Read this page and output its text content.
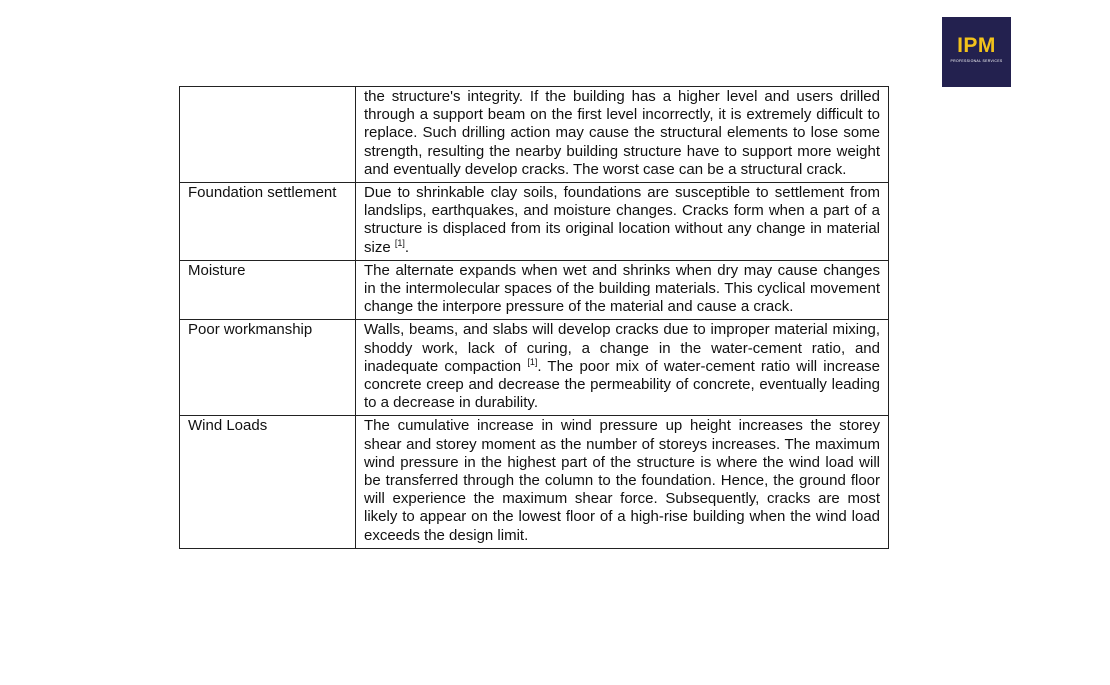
IPM
PROFESSIONAL SERVICES
	the structure's integrity. If the building has a higher level and users drilled through a support beam on the first level incorrectly, it is extremely difficult to replace. Such drilling action may cause the structural elements to lose some strength, resulting the nearby building structure have to support more weight and eventually develop cracks. The worst case can be a structural crack.
Foundation settlement	Due to shrinkable clay soils, foundations are susceptible to settlement from landslips, earthquakes, and moisture changes. Cracks form when a part of a structure is displaced from its original location without any change in material size [1].
Moisture	The alternate expands when wet and shrinks when dry may cause changes in the intermolecular spaces of the building materials. This cyclical movement change the interpore pressure of the material and cause a crack.
Poor workmanship	Walls, beams, and slabs will develop cracks due to improper material mixing, shoddy work, lack of curing, a change in the water-cement ratio, and inadequate compaction [1]. The poor mix of water-cement ratio will increase concrete creep and decrease the permeability of concrete, eventually leading to a decrease in durability.
Wind Loads	The cumulative increase in wind pressure up height increases the storey shear and storey moment as the number of storeys increases. The maximum wind pressure in the highest part of the structure is where the wind load will be transferred through the column to the foundation. Hence, the ground floor will experience the maximum shear force. Subsequently, cracks are most likely to appear on the lowest floor of a high-rise building when the wind load exceeds the design limit.
